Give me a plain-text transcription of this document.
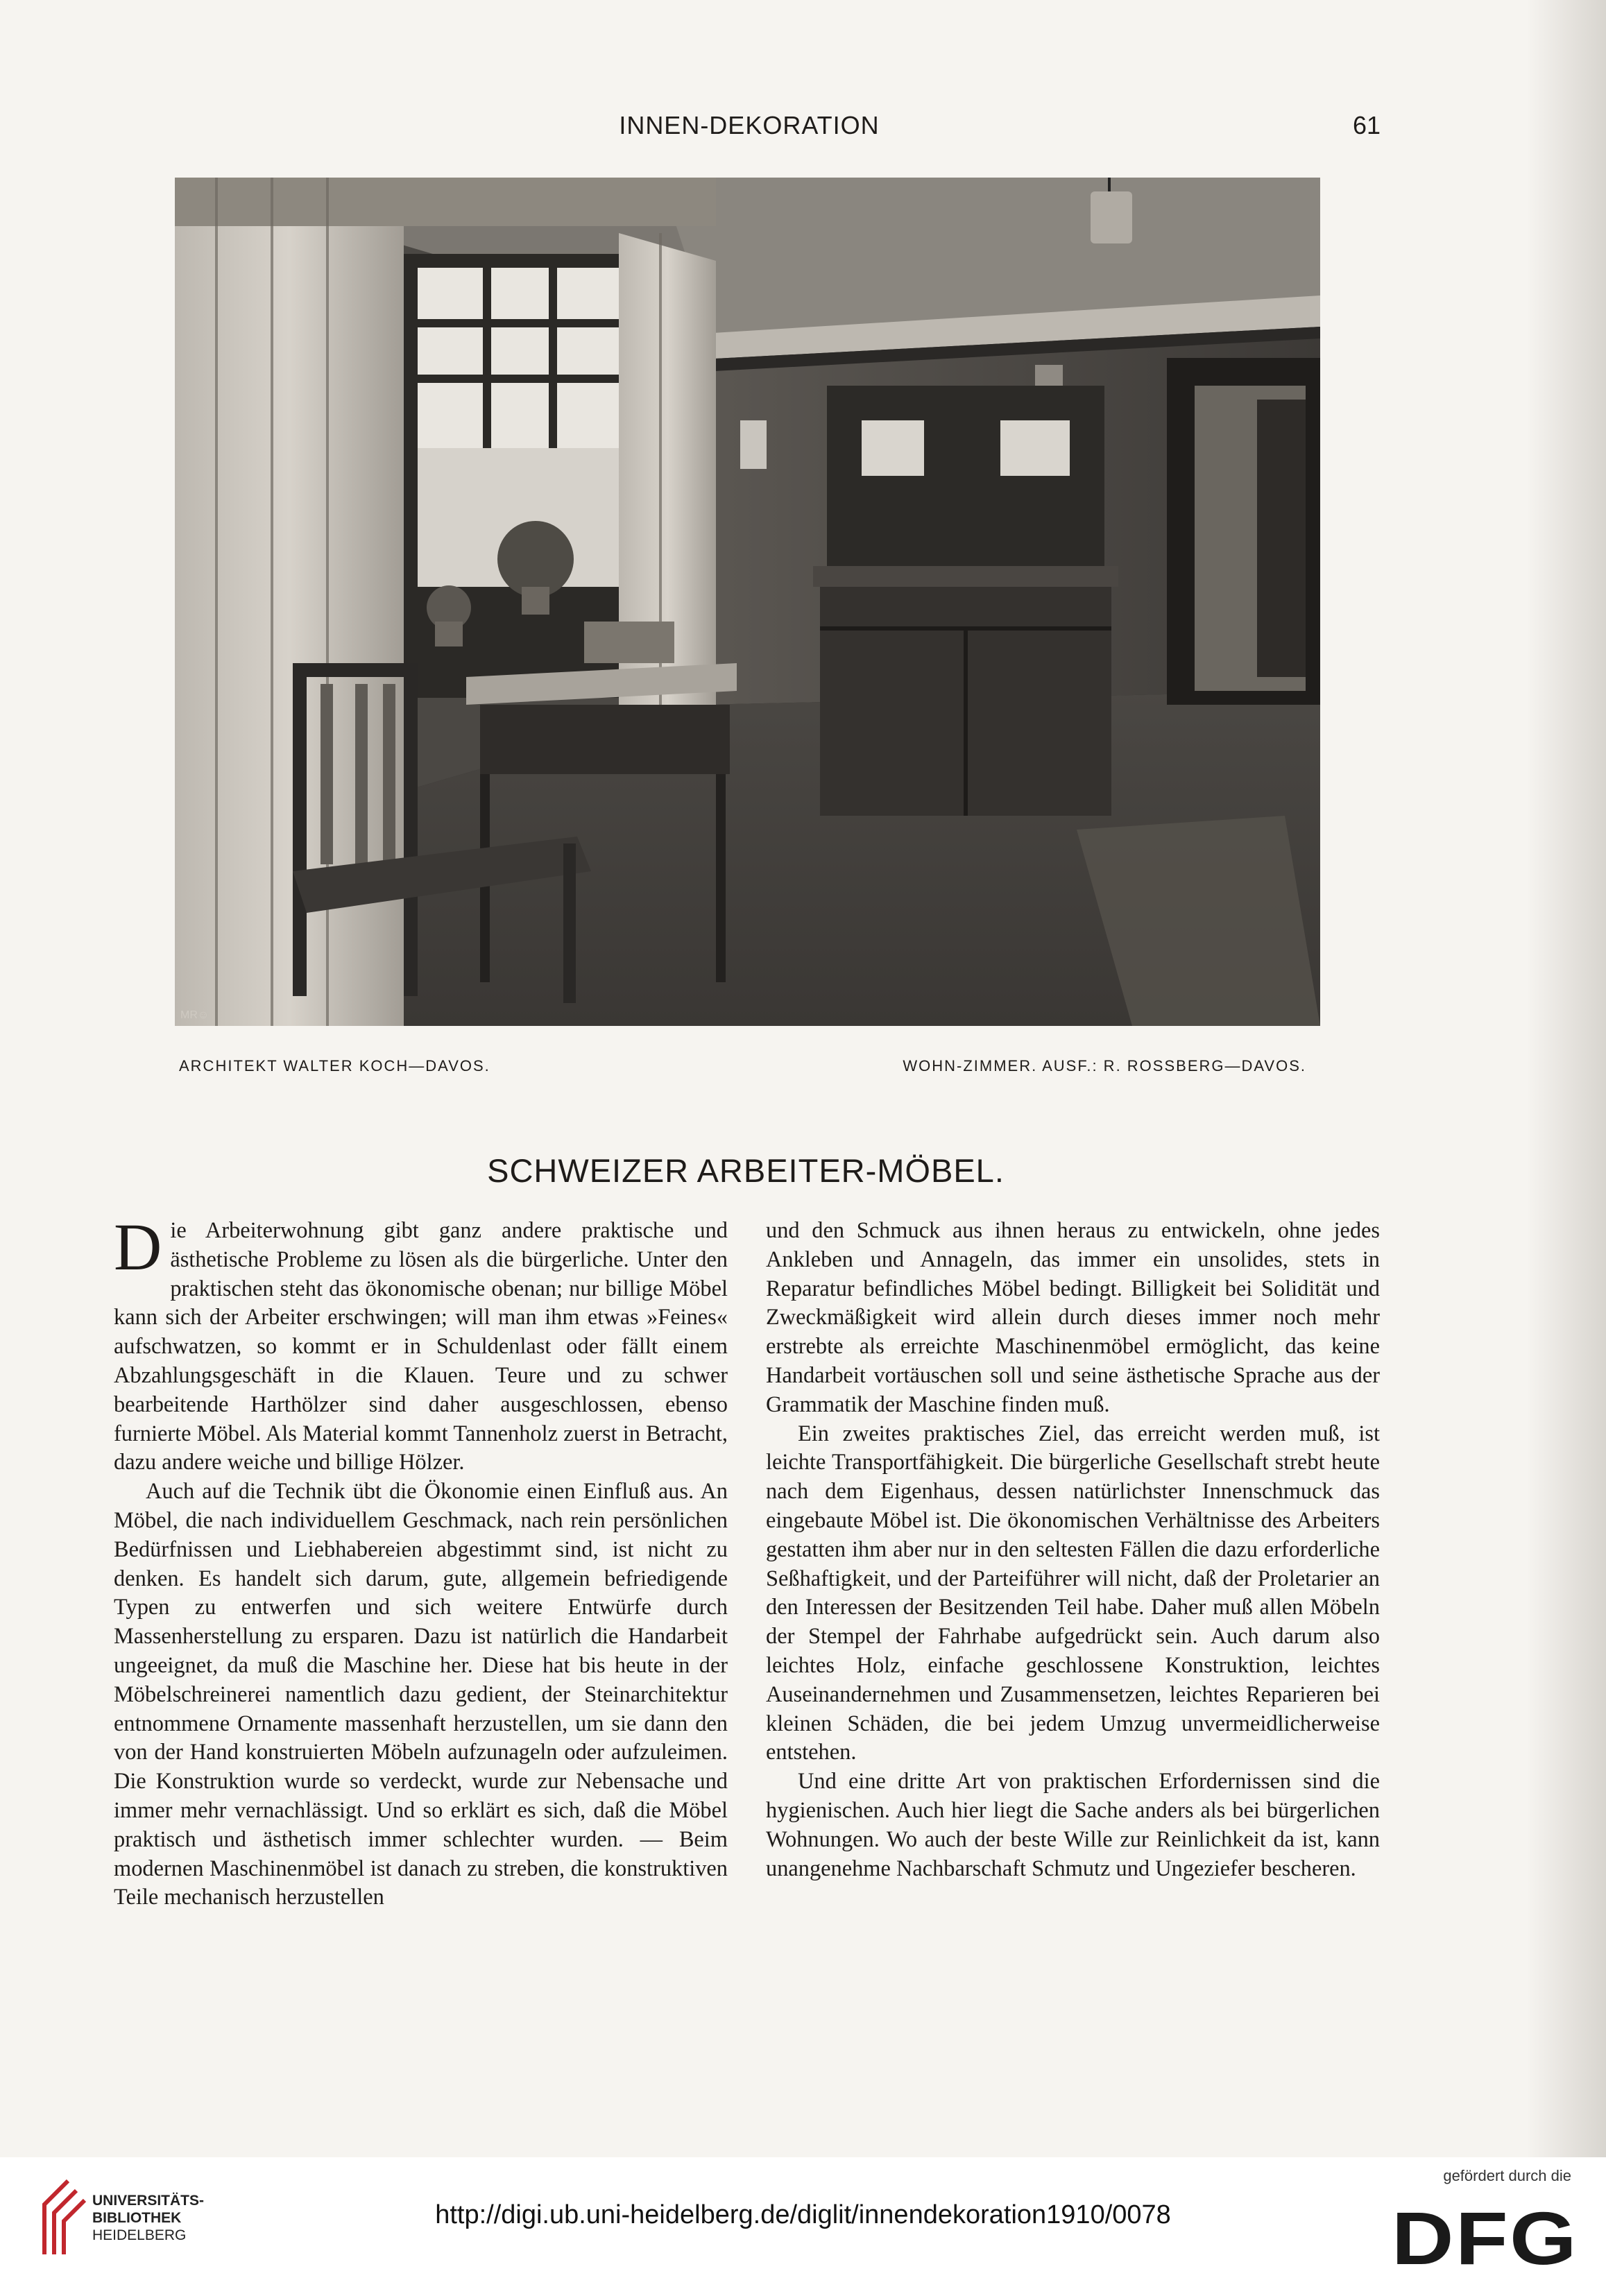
INNEN-DEKORATION	61
MR☺
ARCHITEKT WALTER KOCH—DAVOS.	WOHN-ZIMMER. AUSF.: R. ROSSBERG—DAVOS.
SCHWEIZER ARBEITER-MÖBEL.

Die Arbeiterwohnung gibt ganz andere praktische und ästhetische Probleme zu lösen als die bürgerliche. Unter den praktischen steht das ökonomische obenan; nur billige Möbel kann sich der Arbeiter erschwingen; will man ihm etwas »Feines« aufschwatzen, so kommt er in Schuldenlast oder fällt einem Abzahlungsgeschäft in die Klauen. Teure und zu schwer bearbeitende Harthölzer sind daher ausgeschlossen, ebenso furnierte Möbel. Als Material kommt Tannenholz zuerst in Betracht, dazu andere weiche und billige Hölzer.

Auch auf die Technik übt die Ökonomie einen Einfluß aus. An Möbel, die nach individuellem Geschmack, nach rein persönlichen Bedürfnissen und Liebhabereien abgestimmt sind, ist nicht zu denken. Es handelt sich darum, gute, allgemein befriedigende Typen zu entwerfen und sich weitere Entwürfe durch Massenherstellung zu ersparen. Dazu ist natürlich die Handarbeit ungeeignet, da muß die Maschine her. Diese hat bis heute in der Möbelschreinerei namentlich dazu gedient, der Steinarchitektur entnommene Ornamente massenhaft herzustellen, um sie dann den von der Hand konstruierten Möbeln aufzunageln oder aufzuleimen. Die Konstruktion wurde so verdeckt, wurde zur Nebensache und immer mehr vernachlässigt. Und so erklärt es sich, daß die Möbel praktisch und ästhetisch immer schlechter wurden. — Beim modernen Maschinenmöbel ist danach zu streben, die konstruktiven Teile mechanisch herzustellen

und den Schmuck aus ihnen heraus zu entwickeln, ohne jedes Ankleben und Annageln, das immer ein unsolides, stets in Reparatur befindliches Möbel bedingt. Billigkeit bei Solidität und Zweckmäßigkeit wird allein durch dieses immer noch mehr erstrebte als erreichte Maschinenmöbel ermöglicht, das keine Handarbeit vortäuschen soll und seine ästhetische Sprache aus der Grammatik der Maschine finden muß.

Ein zweites praktisches Ziel, das erreicht werden muß, ist leichte Transportfähigkeit. Die bürgerliche Gesellschaft strebt heute nach dem Eigenhaus, dessen natürlichster Innenschmuck das eingebaute Möbel ist. Die ökonomischen Verhältnisse des Arbeiters gestatten ihm aber nur in den seltesten Fällen die dazu erforderliche Seßhaftigkeit, und der Parteiführer will nicht, daß der Proletarier an den Interessen der Besitzenden Teil habe. Daher muß allen Möbeln der Stempel der Fahrhabe aufgedrückt sein. Auch darum also leichtes Holz, einfache geschlossene Konstruktion, leichtes Auseinandernehmen und Zusammensetzen, leichtes Reparieren bei kleinen Schäden, die bei jedem Umzug unvermeidlicherweise entstehen.

Und eine dritte Art von praktischen Erfordernissen sind die hygienischen. Auch hier liegt die Sache anders als bei bürgerlichen Wohnungen. Wo auch der beste Wille zur Reinlichkeit da ist, kann unangenehme Nachbarschaft Schmutz und Ungeziefer bescheren.

UNIVERSITÄTS-
BIBLIOTHEK
HEIDELBERG
http://digi.ub.uni-heidelberg.de/diglit/innendekoration1910/0078
gefördert durch die
DFG
